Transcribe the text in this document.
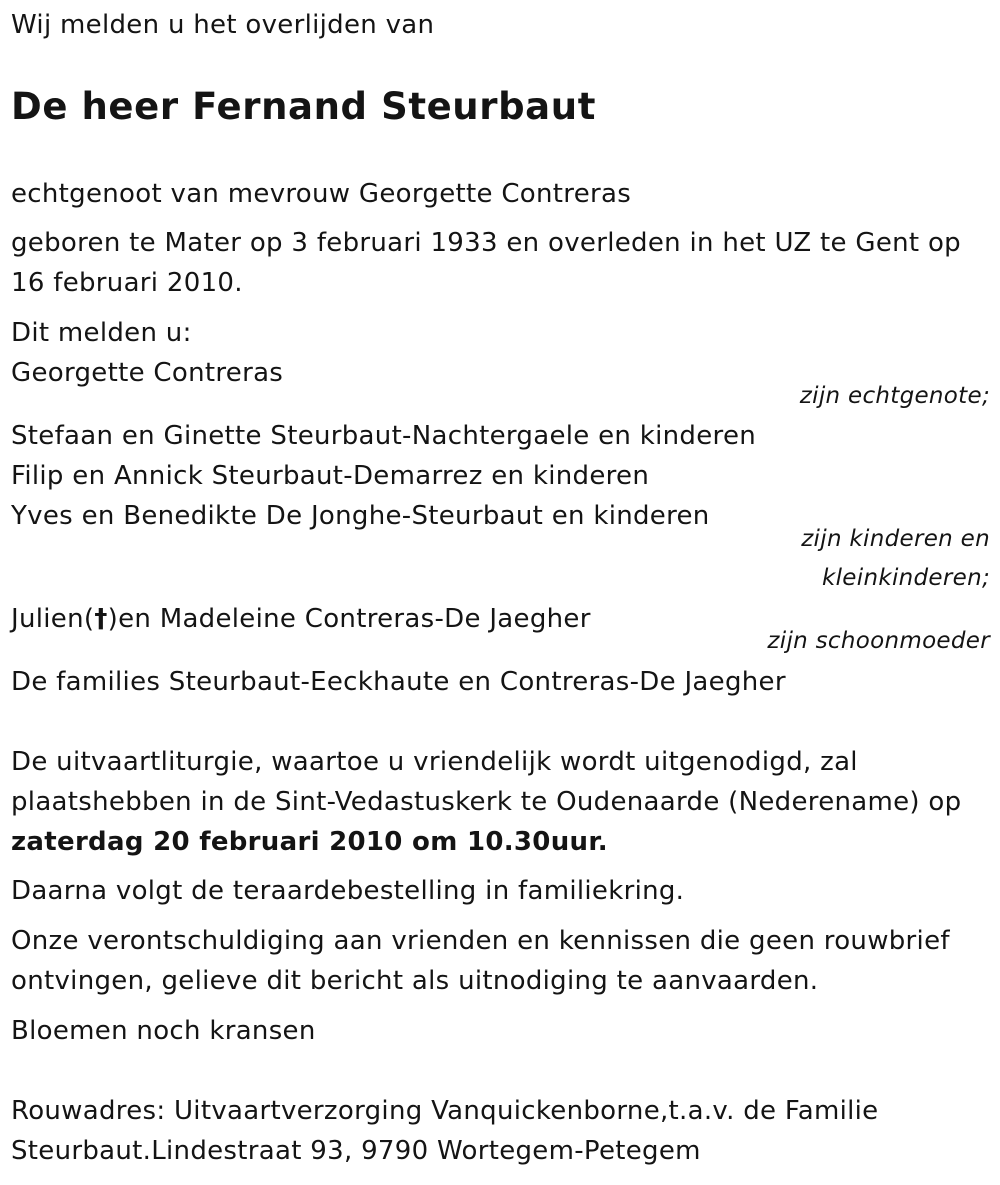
Wij melden u het overlijden van
De heer Fernand Steurbaut
echtgenoot van mevrouw Georgette Contreras
geboren te Mater op 3 februari 1933 en overleden in het UZ te Gent op
16 februari 2010.
Dit melden u:
Georgette Contreras
zijn echtgenote;
Stefaan en Ginette Steurbaut-Nachtergaele en kinderen
Filip en Annick Steurbaut-Demarrez en kinderen
Yves en Benedikte De Jonghe-Steurbaut en kinderen
zijn kinderen en
kleinkinderen;
Julien(†)en Madeleine Contreras-De Jaegher
zijn schoonmoeder
De families Steurbaut-Eeckhaute en Contreras-De Jaegher
De uitvaartliturgie, waartoe u vriendelijk wordt uitgenodigd, zal
plaatshebben in de Sint-Vedastuskerk te Oudenaarde (Nederename) op
zaterdag 20 februari 2010 om 10.30uur.
Daarna volgt de teraardebestelling in familiekring.
Onze verontschuldiging aan vrienden en kennissen die geen rouwbrief
ontvingen, gelieve dit bericht als uitnodiging te aanvaarden.
Bloemen noch kransen
Rouwadres: Uitvaartverzorging Vanquickenborne,t.a.v. de Familie
Steurbaut.Lindestraat 93, 9790 Wortegem-Petegem
